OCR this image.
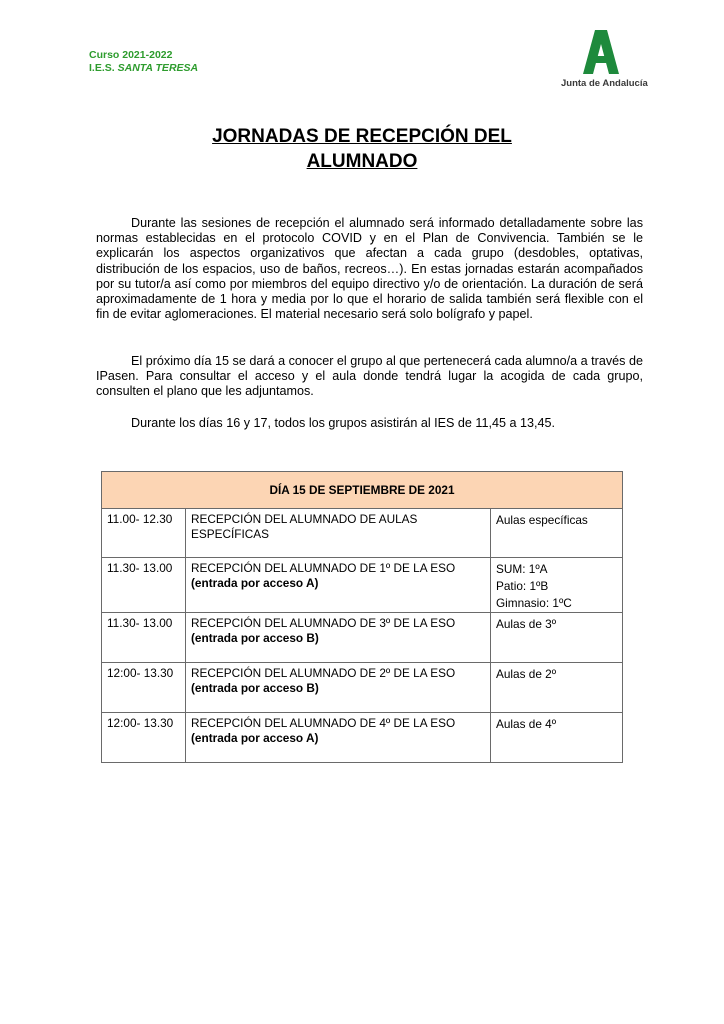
Curso 2021-2022
I.E.S. SANTA TERESA
Junta de Andalucía
JORNADAS DE RECEPCIÓN DEL
ALUMNADO

Durante las sesiones de recepción el alumnado será informado detalladamente sobre las normas establecidas en el protocolo COVID y en el Plan de Convivencia. También se le explicarán los aspectos organizativos que afectan a cada grupo (desdobles, optativas, distribución de los espacios, uso de baños, recreos…). En estas jornadas estarán acompañados por su tutor/a así como por miembros del equipo directivo y/o de orientación. La duración de será aproximadamente de 1 hora y media por lo que el horario de salida también será flexible con el fin de evitar aglomeraciones. El material necesario será solo bolígrafo y papel.

El próximo día 15 se dará a conocer el grupo al que pertenecerá cada alumno/a a través de IPasen. Para consultar el acceso y el aula donde tendrá lugar la acogida de cada grupo, consulten el plano que les adjuntamos.

Durante los días 16 y 17, todos los grupos asistirán al IES de 11,45 a 13,45.

DÍA 15 DE SEPTIEMBRE DE 2021		
11.00- 12.30	RECEPCIÓN DEL ALUMNADO DE AULAS ESPECÍFICAS	Aulas específicas

11.30- 13.00	RECEPCIÓN DEL ALUMNADO DE 1º DE LA ESO (entrada por acceso A)	SUM: 1ºA
Patio: 1ºB
Gimnasio: 1ºC

11.30- 13.00	RECEPCIÓN DEL ALUMNADO DE 3º DE LA ESO (entrada por acceso B)	Aulas de 3º

12:00- 13.30	RECEPCIÓN DEL ALUMNADO DE 2º DE LA ESO (entrada por acceso B)	Aulas de 2º

12:00- 13.30	RECEPCIÓN DEL ALUMNADO DE 4º DE LA ESO (entrada por acceso A)	Aulas de 4º
